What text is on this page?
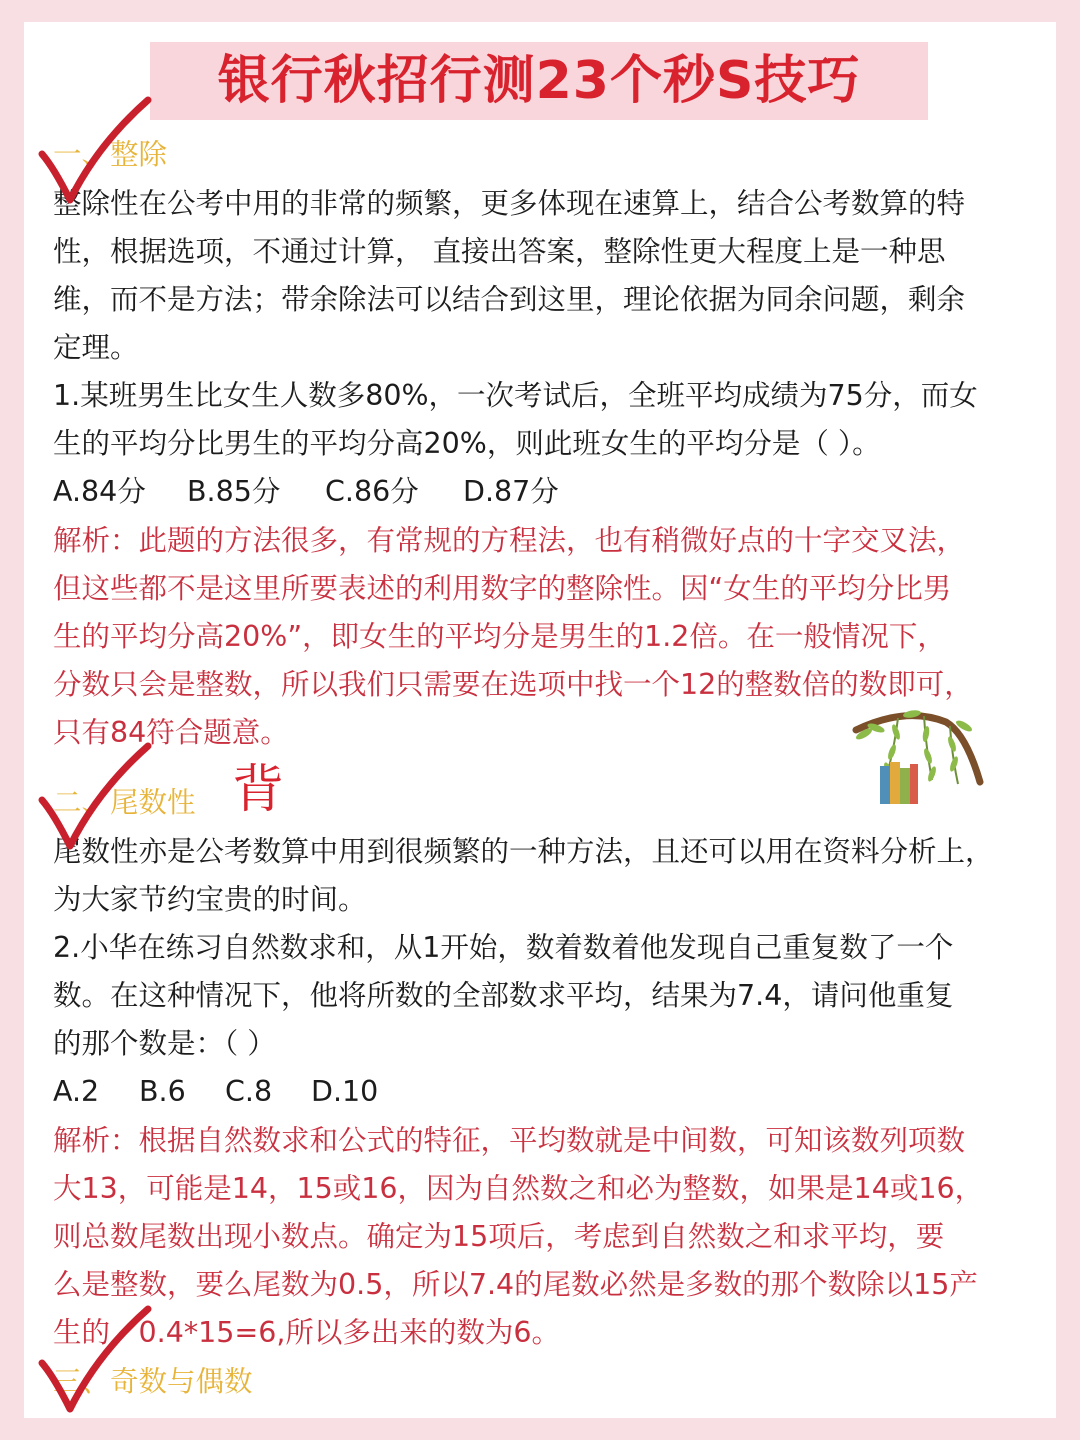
银行秋招行测23个秒S技巧
一、整除
整除性在公考中用的非常的频繁，更多体现在速算上，结合公考数算的特
性，根据选项，不通过计算， 直接出答案，整除性更大程度上是一种思
维，而不是方法；带余除法可以结合到这里，理论依据为同余问题，剩余
定理。
1.某班男生比女生人数多80%，一次考试后，全班平均成绩为75分，而女
生的平均分比男生的平均分高20%，则此班女生的平均分是（ ）。
A.84分 B.85分 C.86分 D.87分
解析：此题的方法很多，有常规的方程法，也有稍微好点的十字交叉法，
但这些都不是这里所要表述的利用数字的整除性。因“女生的平均分比男
生的平均分高20%”，即女生的平均分是男生的1.2倍。在一般情况下，
分数只会是整数，所以我们只需要在选项中找一个12的整数倍的数即可，
只有84符合题意。
二、尾数性 背
尾数性亦是公考数算中用到很频繁的一种方法，且还可以用在资料分析上，
为大家节约宝贵的时间。
2.小华在练习自然数求和，从1开始，数着数着他发现自己重复数了一个
数。在这种情况下，他将所数的全部数求平均，结果为7.4，请问他重复
的那个数是：（ ）
A.2 B.6 C.8 D.10
解析：根据自然数求和公式的特征，平均数就是中间数，可知该数列项数
大13，可能是14，15或16，因为自然数之和必为整数，如果是14或16，
则总数尾数出现小数点。确定为15项后，考虑到自然数之和求平均，要
么是整数，要么尾数为0.5，所以7.4的尾数必然是多数的那个数除以15产
生的，0.4*15=6,所以多出来的数为6。
三、奇数与偶数
